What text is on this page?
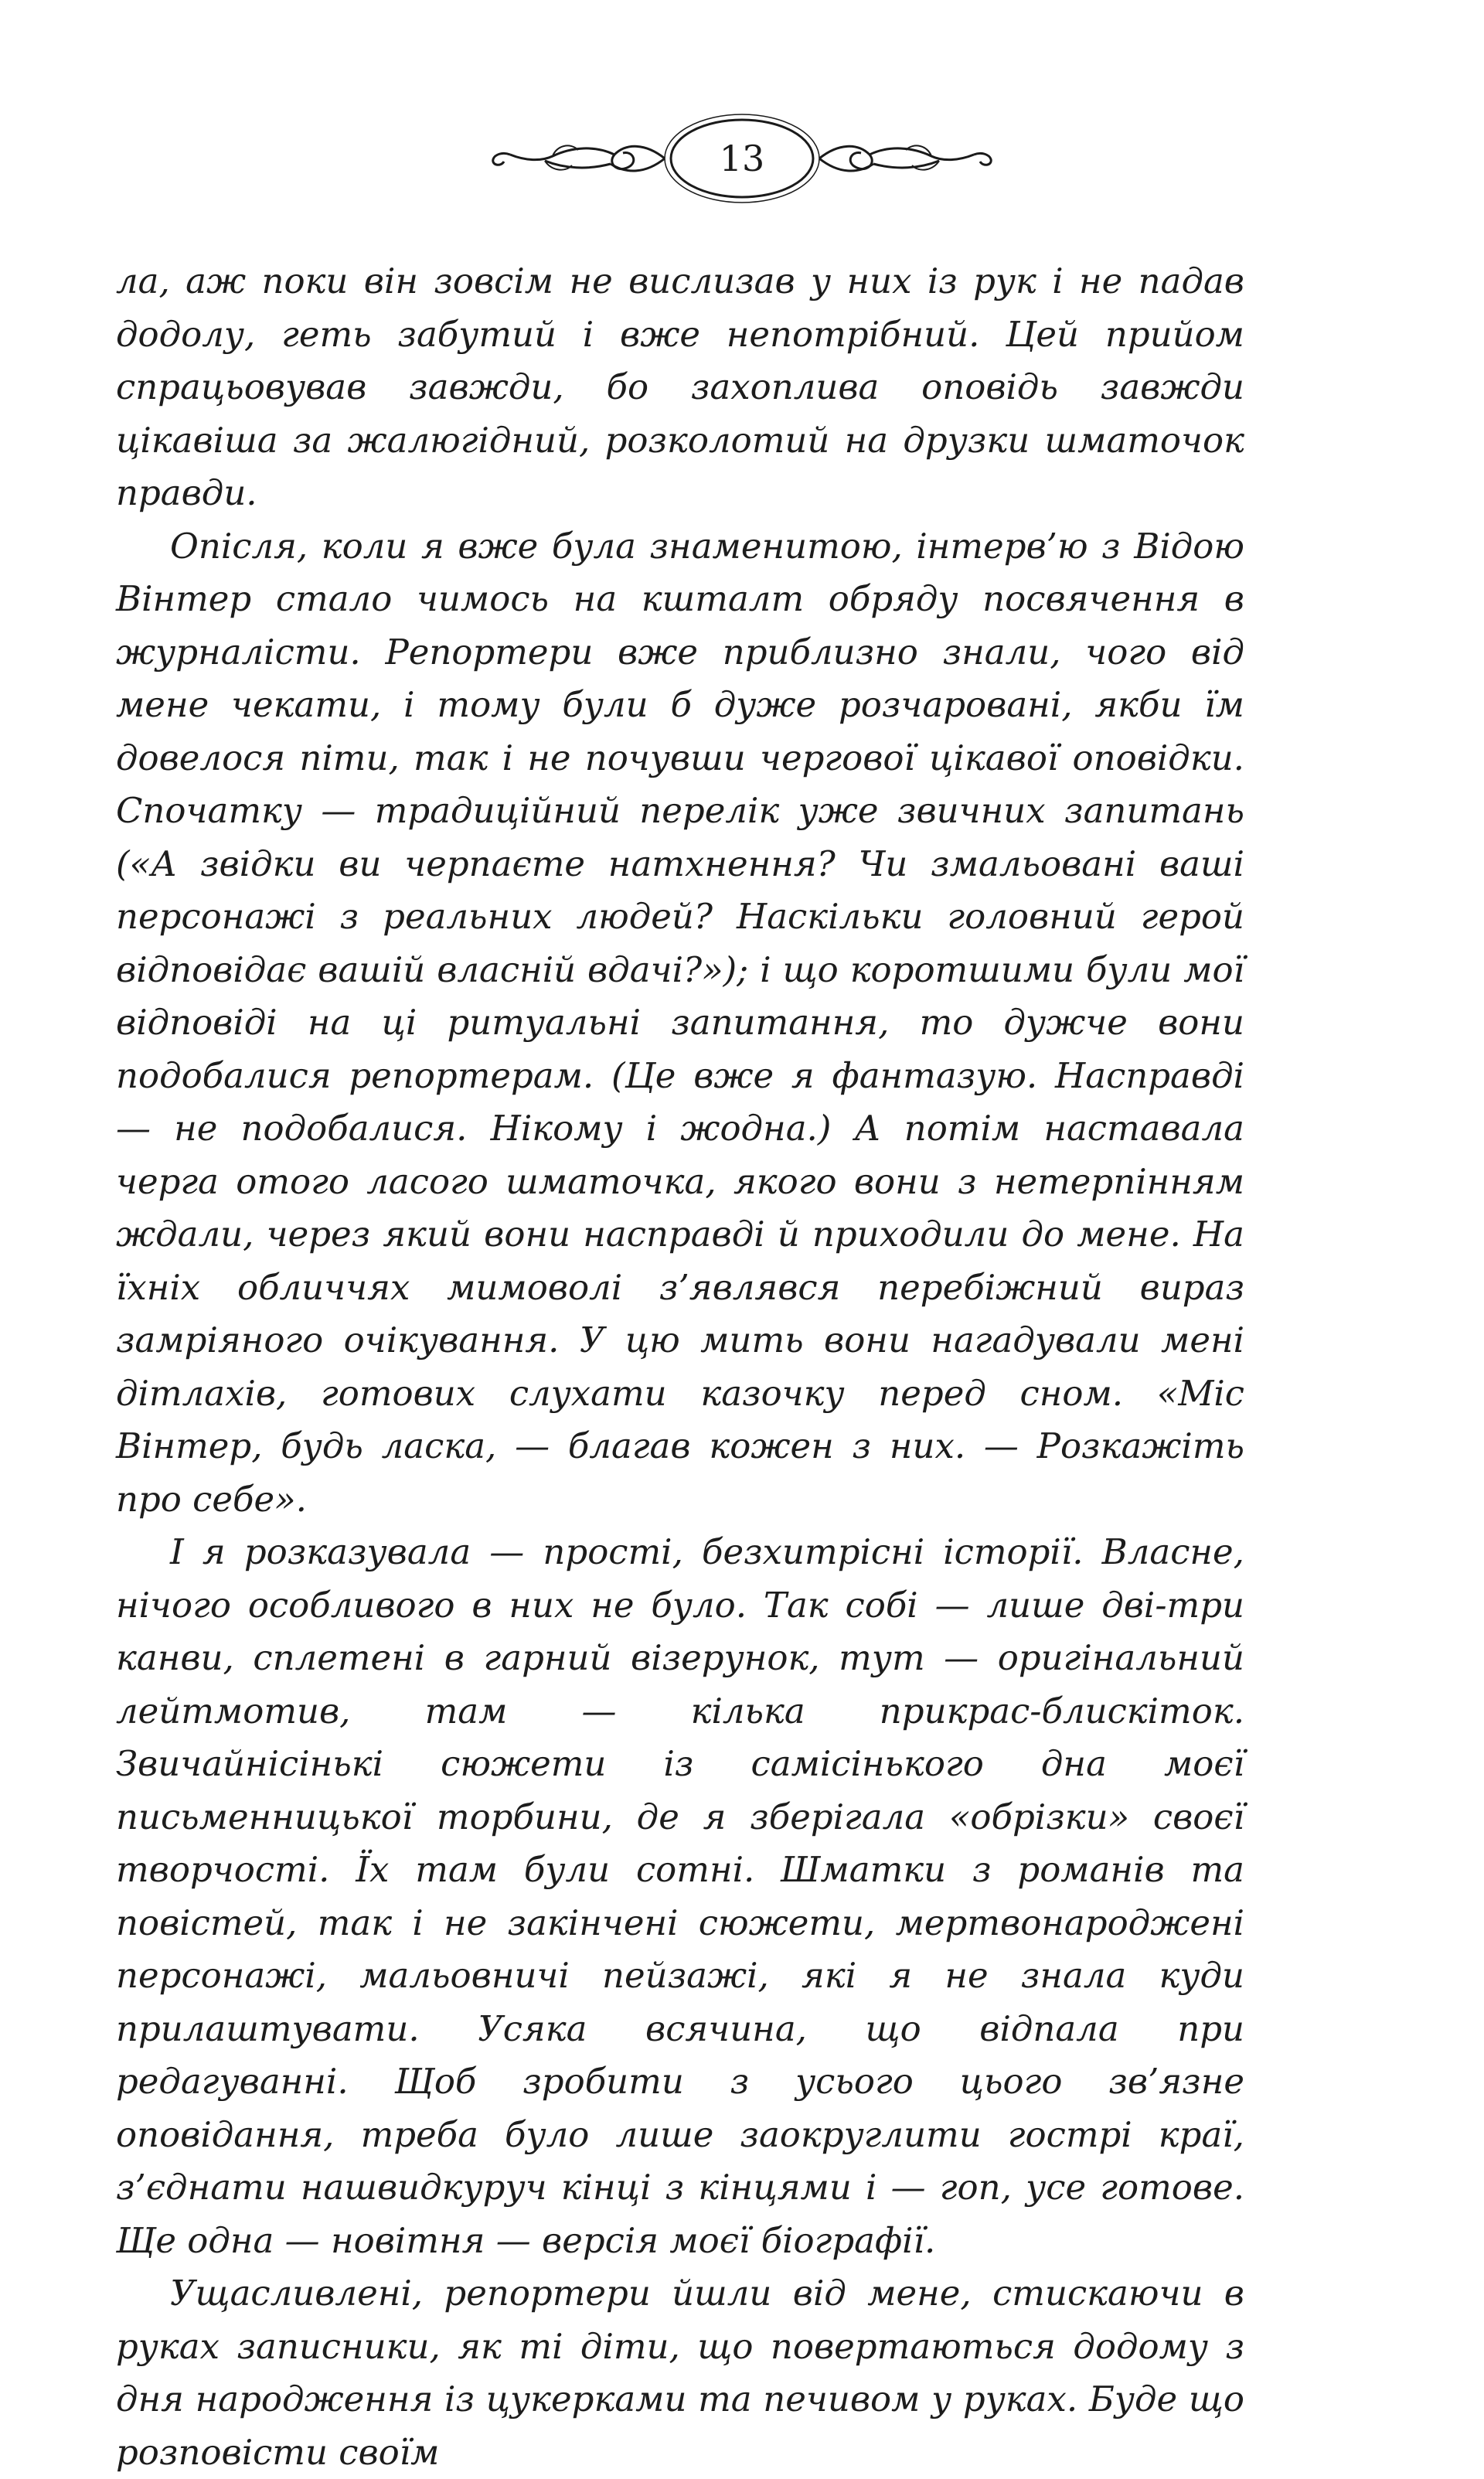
13

ла, аж поки він зовсім не вислизав у них із рук і не падав додолу, геть забутий і вже непотрібний. Цей прийом спрацьовував завжди, бо захоплива оповідь завжди цікавіша за жалюгідний, розколотий на друзки шматочок правди.

Опісля, коли я вже була знаменитою, інтерв’ю з Відою Вінтер стало чимось на кшталт обряду посвячення в журналісти. Репортери вже приблизно знали, чого від мене чекати, і тому були б дуже розчаровані, якби їм довелося піти, так і не почувши чергової цікавої оповідки. Спочатку — традиційний перелік уже звичних запитань («А звідки ви черпаєте натхнення? Чи змальовані ваші персонажі з реальних людей? Наскільки головний герой відповідає вашій власній вдачі?»); і що коротшими були мої відповіді на ці ритуальні запитання, то дужче вони подобалися репортерам. (Це вже я фантазую. Насправді — не подобалися. Нікому і жодна.) А потім наставала черга отого ласого шматочка, якого вони з нетерпінням ждали, через який вони насправді й приходили до мене. На їхніх обличчях мимоволі з’являвся перебіжний вираз замріяного очікування. У цю мить вони нагадували мені дітлахів, готових слухати казочку перед сном. «Міс Вінтер, будь ласка, — благав кожен з них. — Розкажіть про себе».

І я розказувала — прості, безхитрісні історії. Власне, нічого особливого в них не було. Так собі — лише дві-три канви, сплетені в гарний візерунок, тут — оригінальний лейтмотив, там — кілька прикрас-блискіток. Звичайнісінькі сюжети із самісінького дна моєї письменницької торбини, де я зберігала «обрізки» своєї творчості. Їх там були сотні. Шматки з романів та повістей, так і не закінчені сюжети, мертвонароджені персонажі, мальовничі пейзажі, які я не знала куди прилаштувати. Усяка всячина, що відпала при редагуванні. Щоб зробити з усього цього зв’язне оповідання, треба було лише заокруглити гострі краї, з’єднати нашвидкуруч кінці з кінцями і — гоп, усе готове. Ще одна — новітня — версія моєї біографії.

Ущасливлені, репортери йшли від мене, стискаючи в руках записники, як ті діти, що повертаються додому з дня народження із цукерками та печивом у руках. Буде що розповісти своїм
